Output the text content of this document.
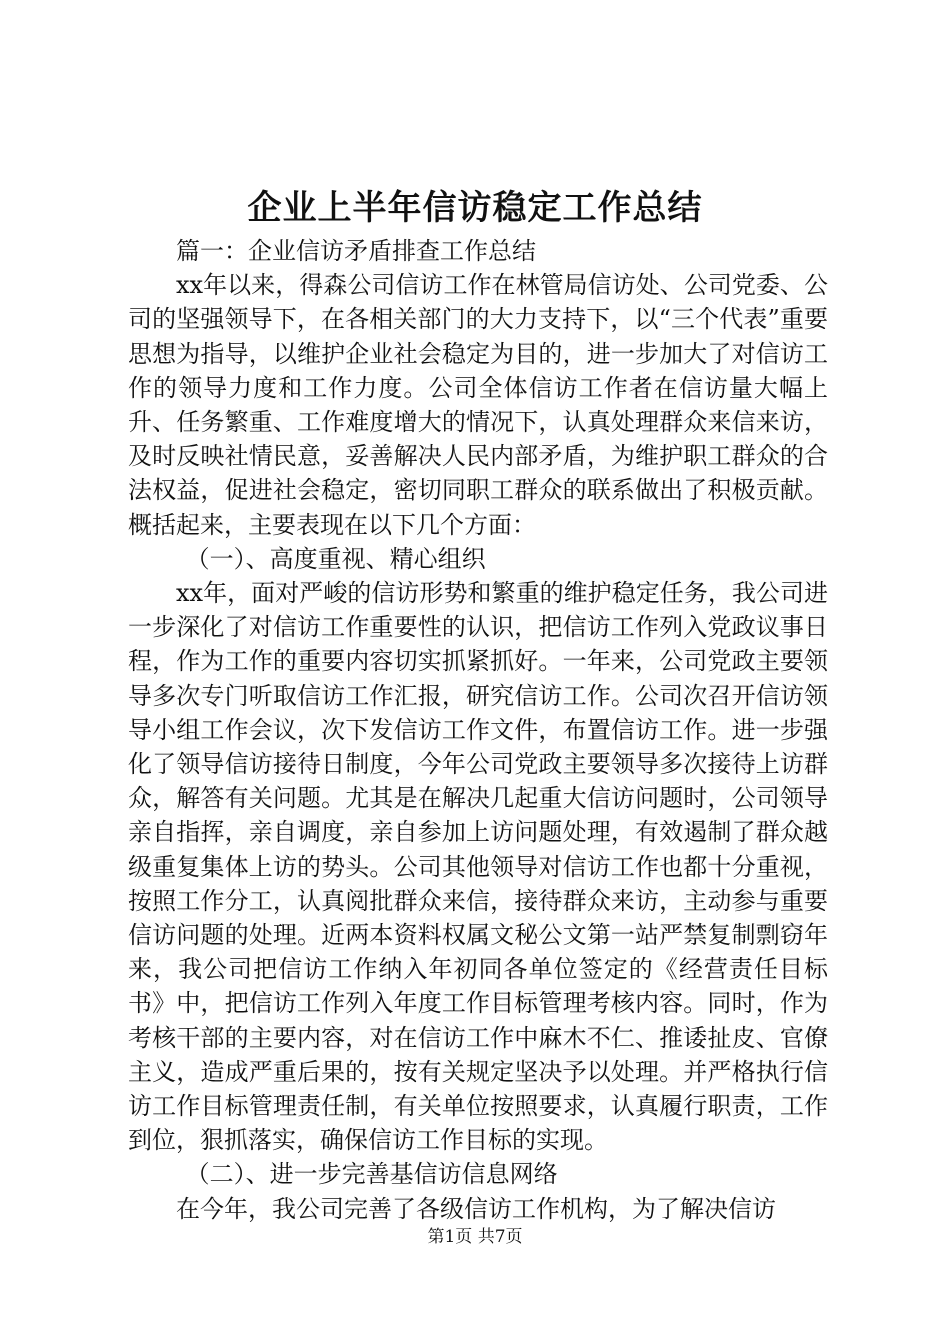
企业上半年信访稳定工作总结

篇一：企业信访矛盾排查工作总结

xx年以来，得森公司信访工作在林管局信访处、公司党委、公司的坚强领导下，在各相关部门的大力支持下，以“三个代表”重要思想为指导，以维护企业社会稳定为目的，进一步加大了对信访工作的领导力度和工作力度。公司全体信访工作者在信访量大幅上升、任务繁重、工作难度增大的情况下，认真处理群众来信来访，及时反映社情民意，妥善解决人民内部矛盾，为维护职工群众的合法权益，促进社会稳定，密切同职工群众的联系做出了积极贡献。概括起来，主要表现在以下几个方面：

（一）、高度重视、精心组织

xx年，面对严峻的信访形势和繁重的维护稳定任务，我公司进一步深化了对信访工作重要性的认识，把信访工作列入党政议事日程，作为工作的重要内容切实抓紧抓好。一年来，公司党政主要领导多次专门听取信访工作汇报，研究信访工作。公司次召开信访领导小组工作会议，次下发信访工作文件，布置信访工作。进一步强化了领导信访接待日制度，今年公司党政主要领导多次接待上访群众，解答有关问题。尤其是在解决几起重大信访问题时，公司领导亲自指挥，亲自调度，亲自参加上访问题处理，有效遏制了群众越级重复集体上访的势头。公司其他领导对信访工作也都十分重视，按照工作分工，认真阅批群众来信，接待群众来访，主动参与重要信访问题的处理。近两本资料权属文秘公文第一站严禁复制剽窃年来，我公司把信访工作纳入年初同各单位签定的《经营责任目标书》中，把信访工作列入年度工作目标管理考核内容。同时，作为考核干部的主要内容，对在信访工作中麻木不仁、推诿扯皮、官僚主义，造成严重后果的，按有关规定坚决予以处理。并严格执行信访工作目标管理责任制，有关单位按照要求，认真履行职责，工作到位，狠抓落实，确保信访工作目标的实现。

（二）、进一步完善基信访信息网络

在今年，我公司完善了各级信访工作机构，为了解决信访

第1页 共7页
